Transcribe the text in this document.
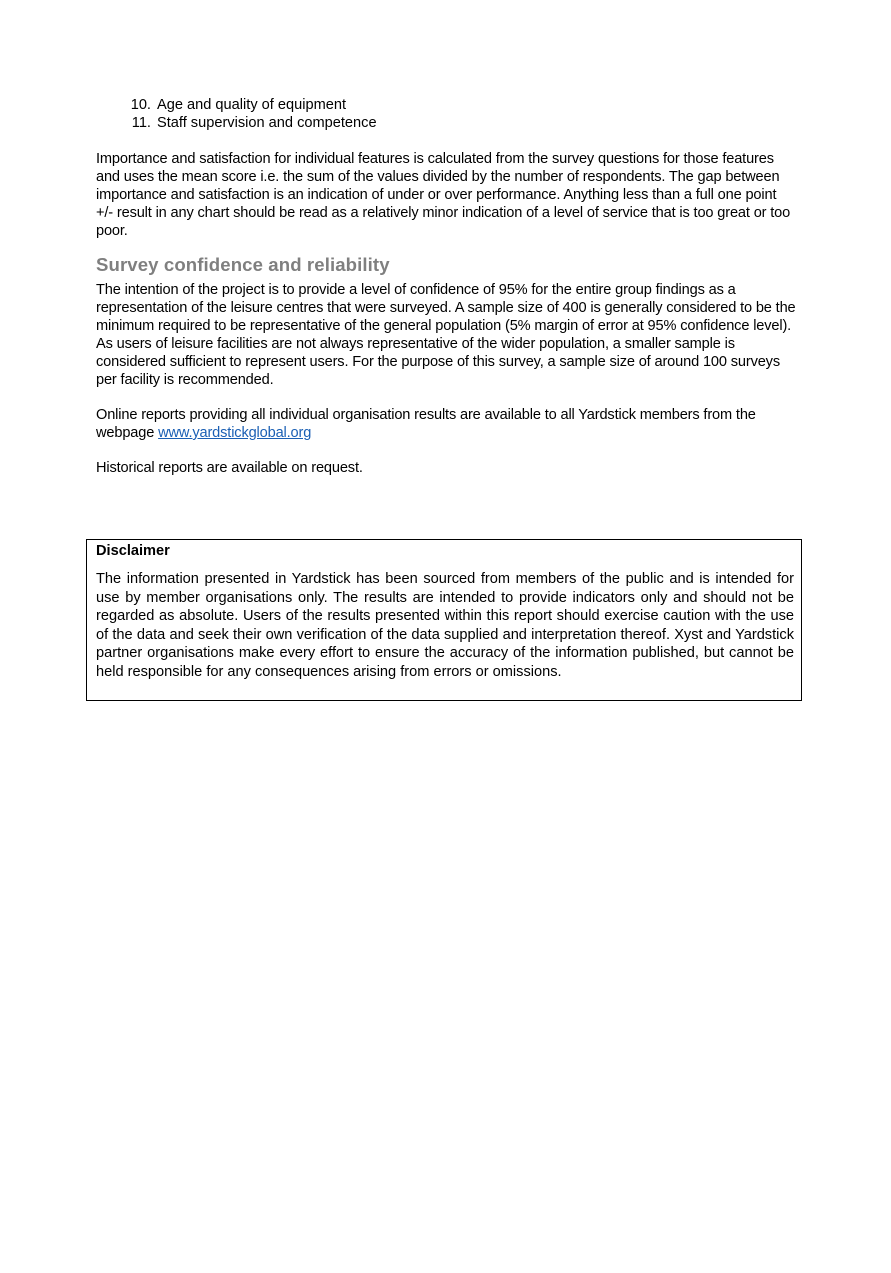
10. Age and quality of equipment
11. Staff supervision and competence

Importance and satisfaction for individual features is calculated from the survey questions for those features and uses the mean score i.e. the sum of the values divided by the number of respondents. The gap between importance and satisfaction is an indication of under or over performance. Anything less than a full one point +/- result in any chart should be read as a relatively minor indication of a level of service that is too great or too poor.

Survey confidence and reliability

The intention of the project is to provide a level of confidence of 95% for the entire group findings as a representation of the leisure centres that were surveyed. A sample size of 400 is generally considered to be the minimum required to be representative of the general population (5% margin of error at 95% confidence level). As users of leisure facilities are not always representative of the wider population, a smaller sample is considered sufficient to represent users. For the purpose of this survey, a sample size of around 100 surveys per facility is recommended.

Online reports providing all individual organisation results are available to all Yardstick members from the webpage www.yardstickglobal.org

Historical reports are available on request.

Disclaimer

The information presented in Yardstick has been sourced from members of the public and is intended for use by member organisations only. The results are intended to provide indicators only and should not be regarded as absolute. Users of the results presented within this report should exercise caution with the use of the data and seek their own verification of the data supplied and interpretation thereof. Xyst and Yardstick partner organisations make every effort to ensure the accuracy of the information published, but cannot be held responsible for any consequences arising from errors or omissions.
